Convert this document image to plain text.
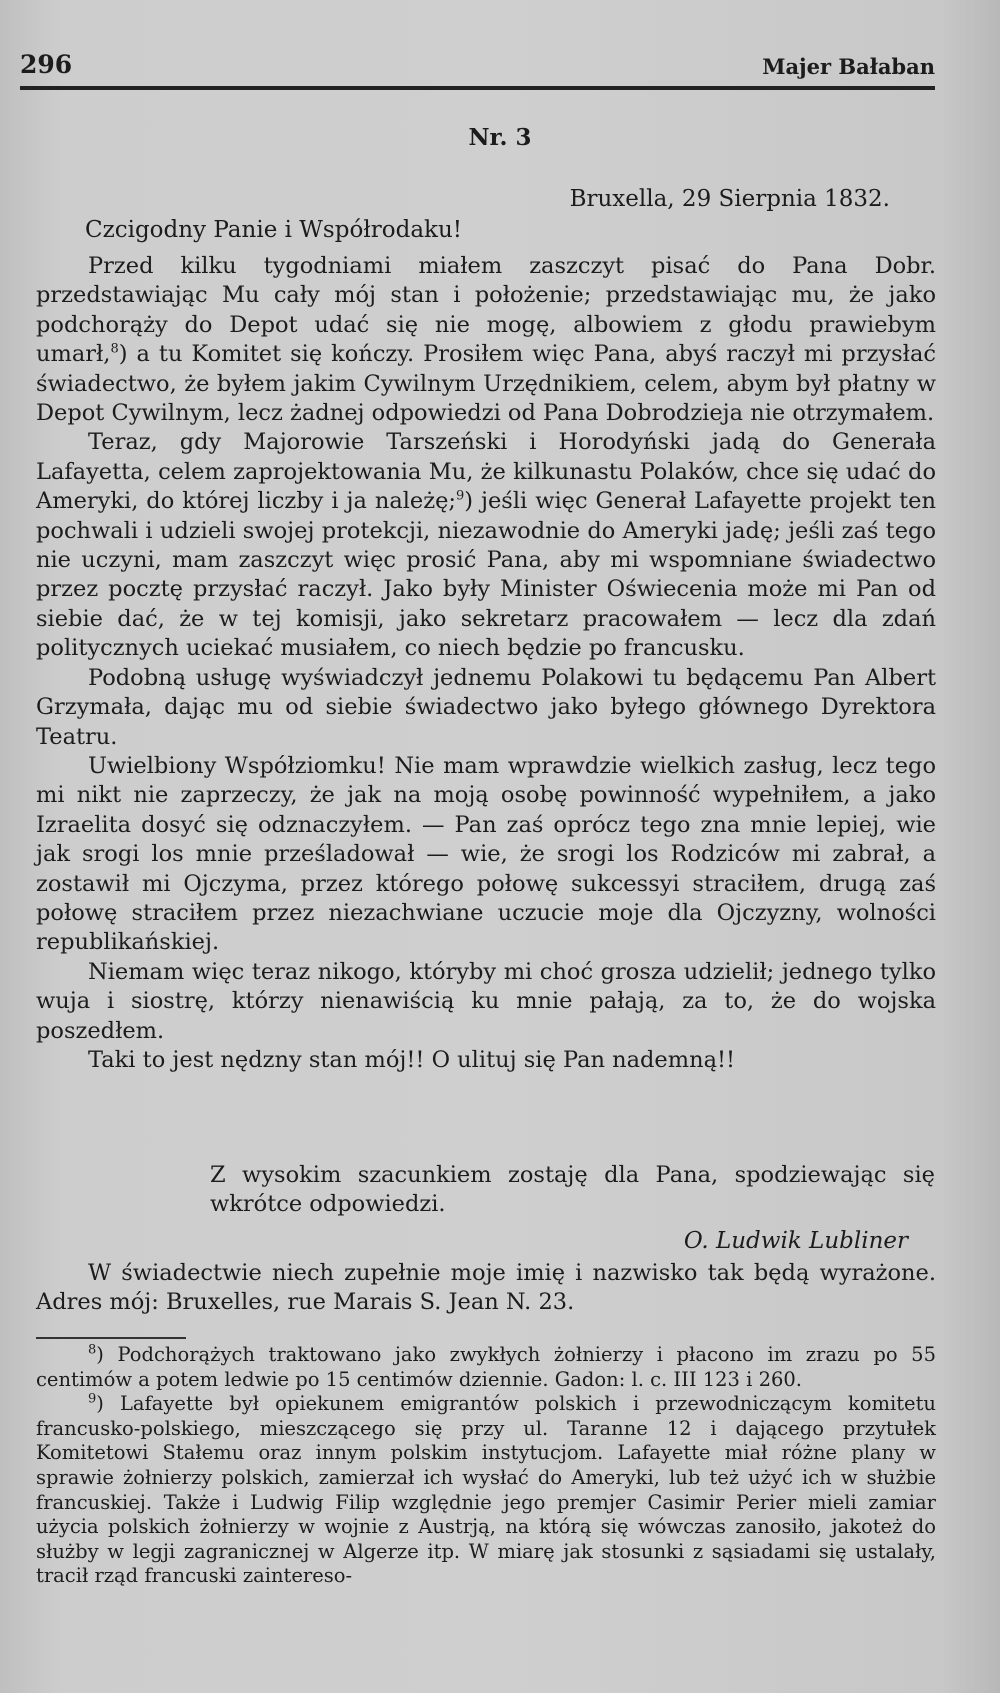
296	Majer Bałaban
Nr. 3
Bruxella, 29 Sierpnia 1832.
Czcigodny Panie i Współrodaku!

Przed kilku tygodniami miałem zaszczyt pisać do Pana Dobr. przedstawiając Mu cały mój stan i położenie; przedstawiając mu, że jako podchorąży do Depot udać się nie mogę, albowiem z głodu prawiebym umarł,$^8$) a tu Komitet się kończy. Prosiłem więc Pana, abyś raczył mi przysłać świadectwo, że byłem jakim Cywilnym Urzędnikiem, celem, abym był płatny w Depot Cywilnym, lecz żadnej odpowiedzi od Pana Dobrodzieja nie otrzymałem.

Teraz, gdy Majorowie Tarszeński i Horodyński jadą do Generała Lafayetta, celem zaprojektowania Mu, że kilkunastu Polaków, chce się udać do Ameryki, do której liczby i ja należę;$^9$) jeśli więc Generał Lafayette projekt ten pochwali i udzieli swojej protekcji, niezawodnie do Ameryki jadę; jeśli zaś tego nie uczyni, mam zaszczyt więc prosić Pana, aby mi wspomniane świadectwo przez pocztę przysłać raczył. Jako były Minister Oświecenia może mi Pan od siebie dać, że w tej komisji, jako sekretarz pracowałem — lecz dla zdań politycznych uciekać musiałem, co niech będzie po francusku.

Podobną usługę wyświadczył jednemu Polakowi tu będącemu Pan Albert Grzymała, dając mu od siebie świadectwo jako byłego głównego Dyrektora Teatru.

Uwielbiony Współziomku! Nie mam wprawdzie wielkich zasług, lecz tego mi nikt nie zaprzeczy, że jak na moją osobę powinność wypełniłem, a jako Izraelita dosyć się odznaczyłem. — Pan zaś oprócz tego zna mnie lepiej, wie jak srogi los mnie prześladował — wie, że srogi los Rodziców mi zabrał, a zostawił mi Ojczyma, przez którego połowę sukcessyi straciłem, drugą zaś połowę straciłem przez niezachwiane uczucie moje dla Ojczyzny, wolności republikańskiej.

Niemam więc teraz nikogo, któryby mi choć grosza udzielił; jednego tylko wuja i siostrę, którzy nienawiścią ku mnie pałają, za to, że do wojska poszedłem.

Taki to jest nędzny stan mój!! O ulituj się Pan nademną!!

Z wysokim szacunkiem zostaję dla Pana, spodziewając się wkrótce odpowiedzi.
O. Ludwik Lubliner

W świadectwie niech zupełnie moje imię i nazwisko tak będą wyrażone. Adres mój: Bruxelles, rue Marais S. Jean N. 23.

$^8$) Podchorążych traktowano jako zwykłych żołnierzy i płacono im zrazu po 55 centimów a potem ledwie po 15 centimów dziennie. Gadon: l. c. III 123 i 260.

$^9$) Lafayette był opiekunem emigrantów polskich i przewodniczącym komitetu francusko-polskiego, mieszczącego się przy ul. Taranne 12 i dającego przytułek Komitetowi Stałemu oraz innym polskim instytucjom. Lafayette miał różne plany w sprawie żołnierzy polskich, zamierzał ich wysłać do Ameryki, lub też użyć ich w służbie francuskiej. Także i Ludwig Filip względnie jego premjer Casimir Perier mieli zamiar użycia polskich żołnierzy w wojnie z Austrją, na którą się wówczas zanosiło, jakoteż do służby w legji zagranicznej w Algerze itp. W miarę jak stosunki z sąsiadami się ustalały, tracił rząd francuski zaintereso-
